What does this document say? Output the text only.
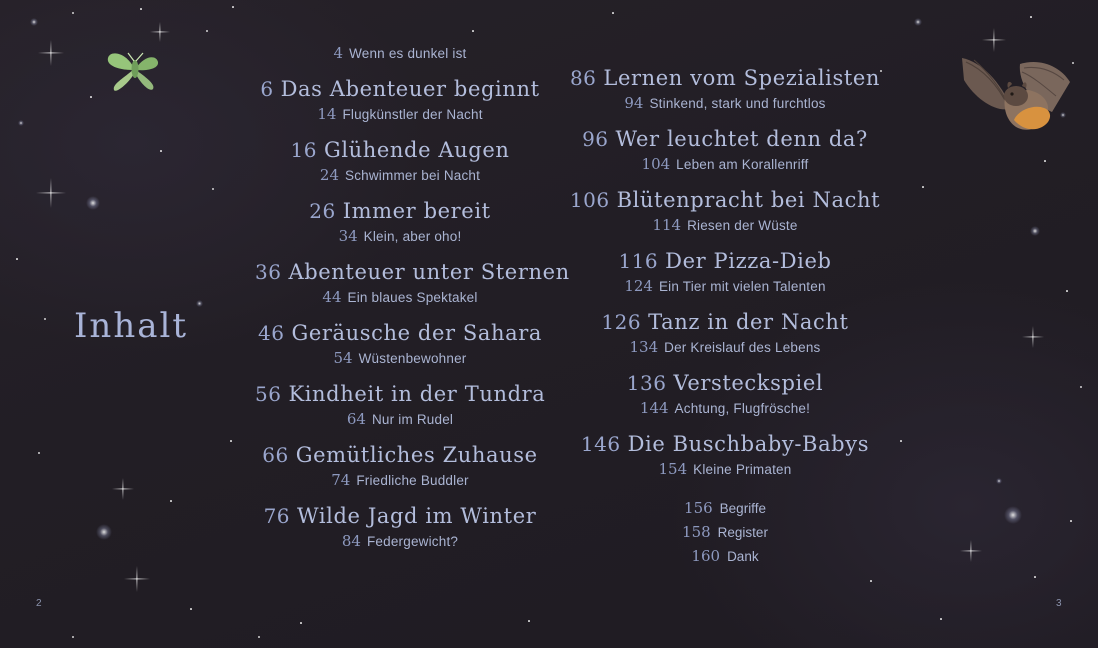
Inhalt
4 Wenn es dunkel ist
6 Das Abenteuer beginnt
14 Flugkünstler der Nacht
16 Glühende Augen
24 Schwimmer bei Nacht
26 Immer bereit
34 Klein, aber oho!
36 Abenteuer unter Sternen
44 Ein blaues Spektakel
46 Geräusche der Sahara
54 Wüstenbewohner
56 Kindheit in der Tundra
64 Nur im Rudel
66 Gemütliches Zuhause
74 Friedliche Buddler
76 Wilde Jagd im Winter
84 Federgewicht?
86 Lernen vom Spezialisten
94 Stinkend, stark und furchtlos
96 Wer leuchtet denn da?
104 Leben am Korallenriff
106 Blütenpracht bei Nacht
114 Riesen der Wüste
116 Der Pizza-Dieb
124 Ein Tier mit vielen Talenten
126 Tanz in der Nacht
134 Der Kreislauf des Lebens
136 Versteckspiel
144 Achtung, Flugfrösche!
146 Die Buschbaby-Babys
154 Kleine Primaten
156 Begriffe
158 Register
160 Dank
2	3
